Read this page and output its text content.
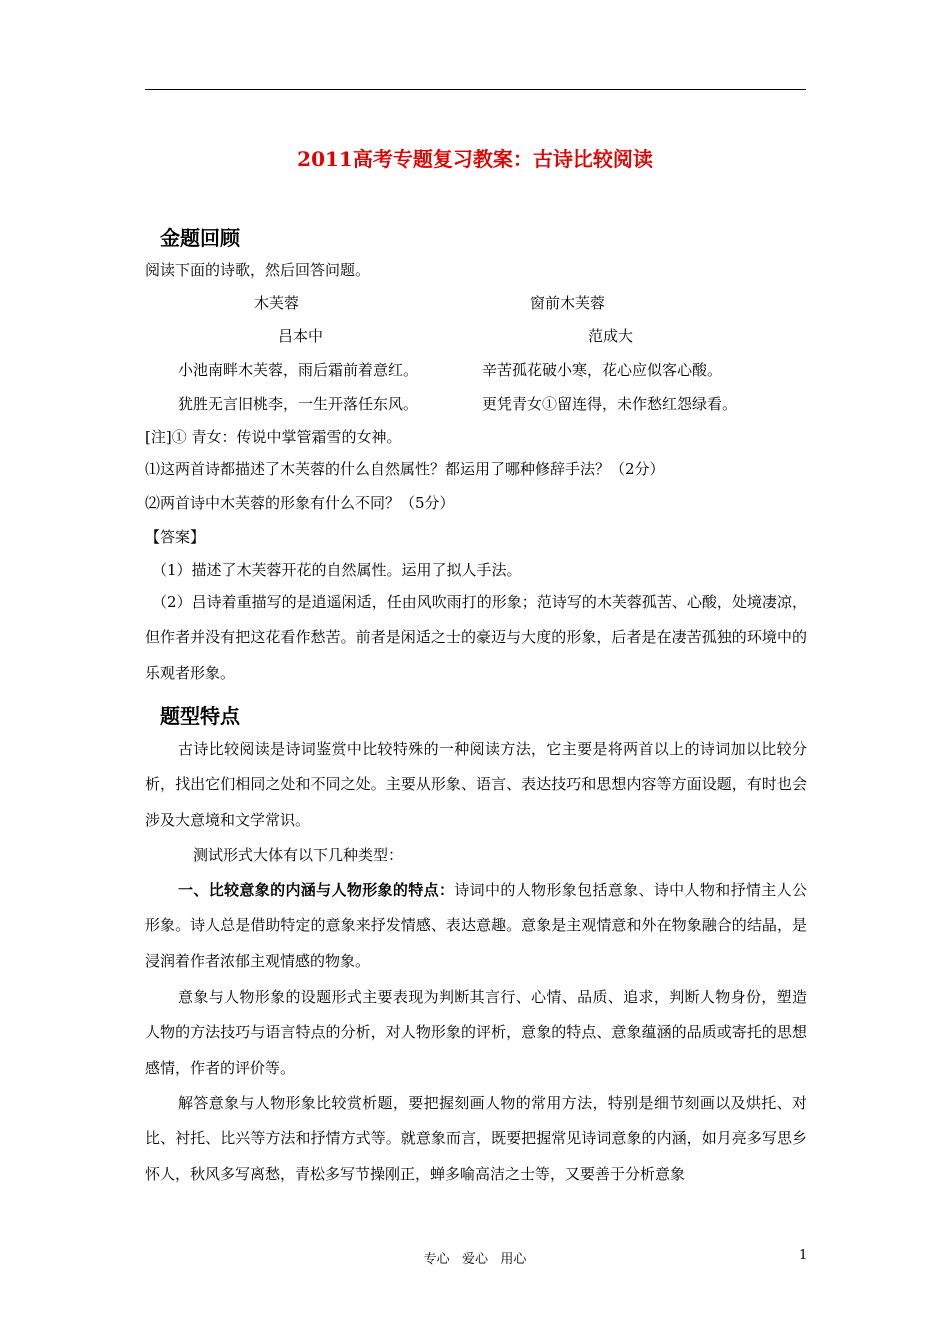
2011高考专题复习教案：古诗比较阅读
金题回顾
阅读下面的诗歌，然后回答问题。
木芙蓉	窗前木芙蓉
吕本中	范成大
小池南畔木芙蓉，雨后霜前着意红。	辛苦孤花破小寒，花心应似客心酸。
犹胜无言旧桃李，一生开落任东风。	更凭青女①留连得，未作愁红怨绿看。
[注]① 青女：传说中掌管霜雪的女神。
⑴这两首诗都描述了木芙蓉的什么自然属性？都运用了哪种修辞手法？（2分）
⑵两首诗中木芙蓉的形象有什么不同？（5分）
【答案】
（1）描述了木芙蓉开花的自然属性。运用了拟人手法。
（2）吕诗着重描写的是逍遥闲适，任由风吹雨打的形象；范诗写的木芙蓉孤苦、心酸，处境凄凉，但作者并没有把这花看作愁苦。前者是闲适之士的豪迈与大度的形象，后者是在凄苦孤独的环境中的乐观者形象。
题型特点
古诗比较阅读是诗词鉴赏中比较特殊的一种阅读方法，它主要是将两首以上的诗词加以比较分析，找出它们相同之处和不同之处。主要从形象、语言、表达技巧和思想内容等方面设题，有时也会涉及大意境和文学常识。
测试形式大体有以下几种类型：
一、比较意象的内涵与人物形象的特点：诗词中的人物形象包括意象、诗中人物和抒情主人公形象。诗人总是借助特定的意象来抒发情感、表达意趣。意象是主观情意和外在物象融合的结晶，是浸润着作者浓郁主观情感的物象。
意象与人物形象的设题形式主要表现为判断其言行、心情、品质、追求，判断人物身份，塑造人物的方法技巧与语言特点的分析，对人物形象的评析，意象的特点、意象蕴涵的品质或寄托的思想感情，作者的评价等。
解答意象与人物形象比较赏析题，要把握刻画人物的常用方法，特别是细节刻画以及烘托、对比、衬托、比兴等方法和抒情方式等。就意象而言，既要把握常见诗词意象的内涵，如月亮多写思乡怀人，秋风多写离愁，青松多写节操刚正，蝉多喻高洁之士等，又要善于分析意象
专心   爱心   用心	1
